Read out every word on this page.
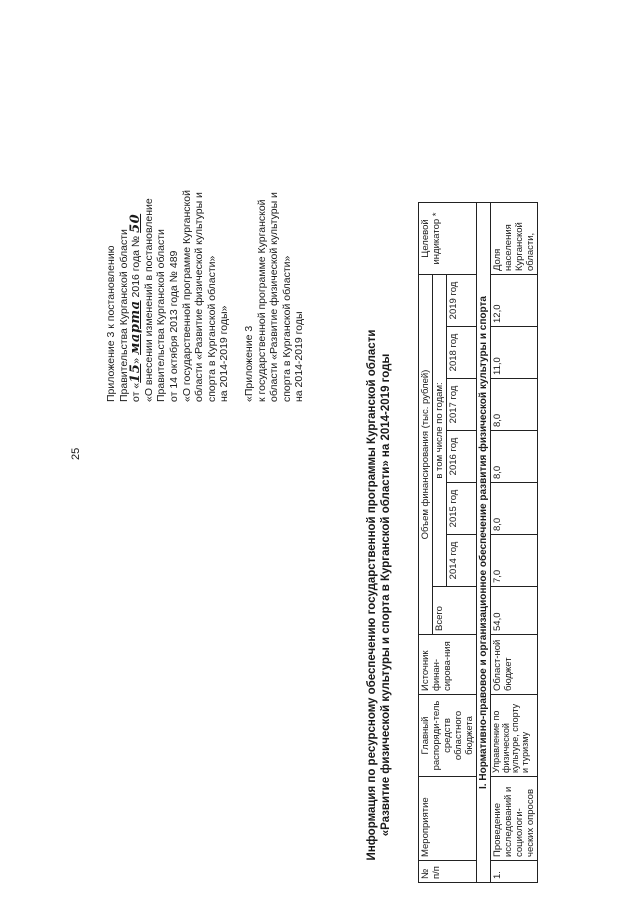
25
Приложение 3 к постановлению Правительства Курганской области от «15» марта 2016 года № 50 «О внесении изменений в постановление Правительства Курганской области от 14 октября 2013 года № 489 «О государственной программе Курганской области «Развитие физической культуры и спорта в Курганской области» на 2014-2019 годы» «Приложение 3 к государственной программе Курганской области «Развитие физической культуры и спорта в Курганской области» на 2014-2019 годы	Информация по ресурсному обеспечению государственной программы Курганской области «Развитие физической культуры и спорта в Курганской области» на 2014-2019 годы
№ п/п	Мероприятие	Главный распоряди-тель средств областного бюджета	Источник финан-сирова-ния	Объем финансирования (тыс. рублей)							Целевой индикатор *
				Всего	в том числе по годам:						
					2014 год	2015 год	2016 год	2017 год	2018 год	2019 год	
I. Нормативно-правовое и организационное обеспечение развития физической культуры и спорта											
1.	Проведение исследований и социологи-ческих опросов	Управление по физической культуре, спорту и туризму	Област-ной бюджет	54,0	7,0	8,0	8,0	8,0	11,0	12,0	Доля населения Курганской области,
